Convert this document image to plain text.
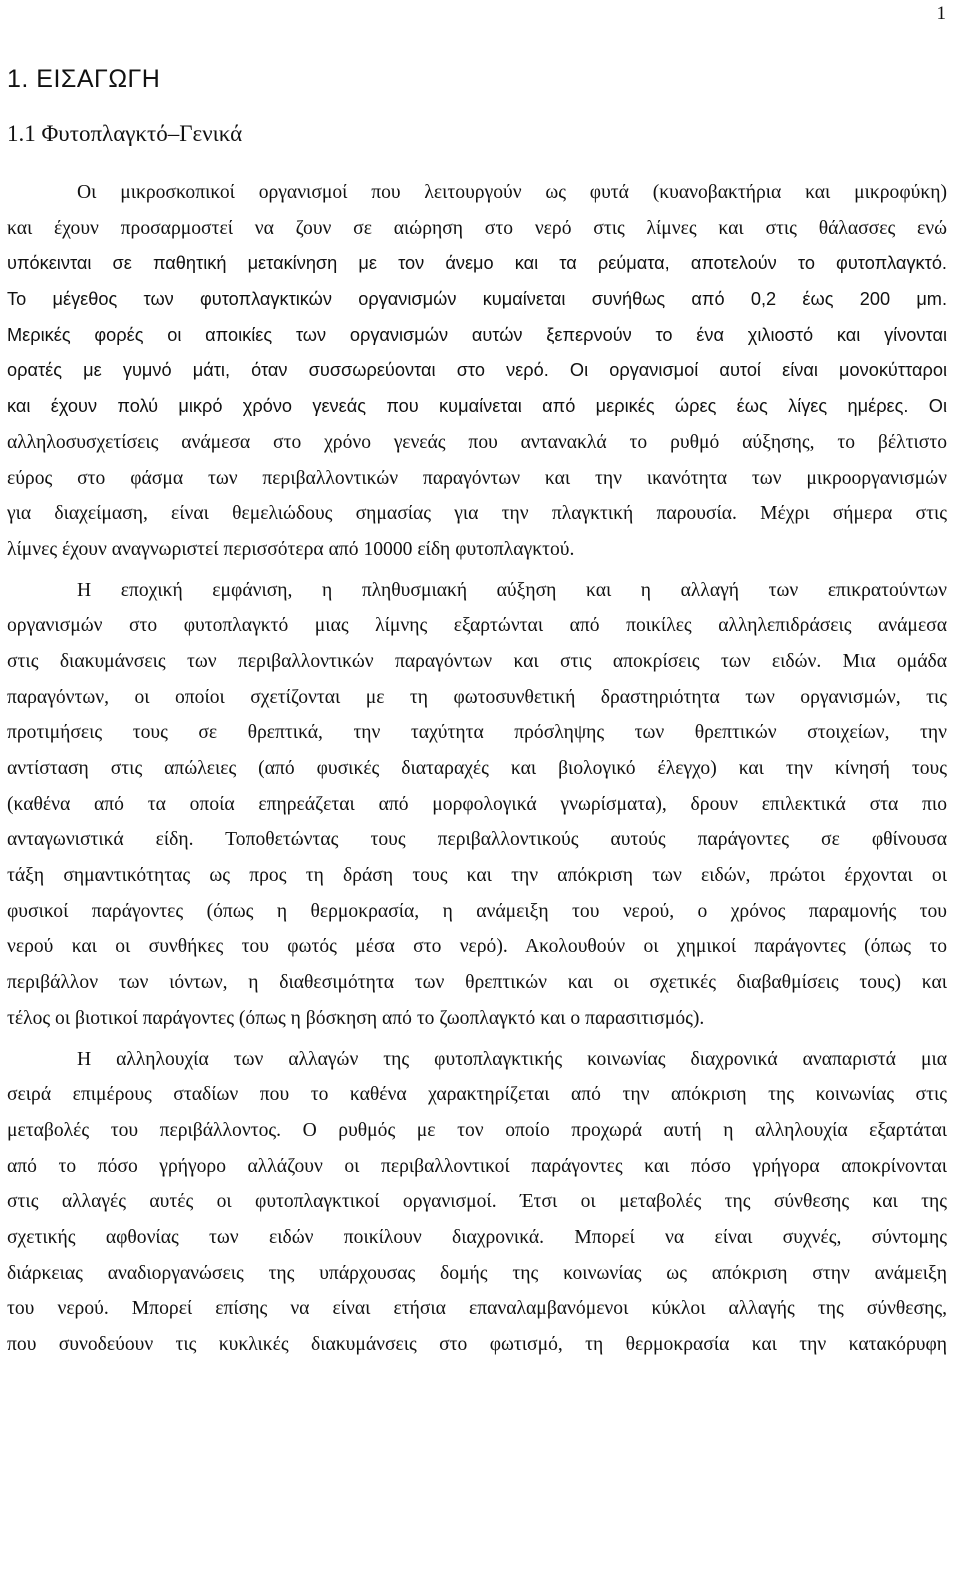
1
1. ΕΙΣΑΓΩΓΗ
1.1 Φυτοπλαγκτό–Γενικά

Οι μικροσκοπικοί οργανισμοί που λειτουργούν ως φυτά (κυανοβακτήρια και μικροφύκη)
και έχουν προσαρμοστεί να ζουν σε αιώρηση στο νερό στις λίμνες και στις θάλασσες ενώ
υπόκεινται σε παθητική μετακίνηση με τον άνεμο και τα ρεύματα, αποτελούν το φυτοπλαγκτό.
Το μέγεθος των φυτοπλαγκτικών οργανισμών κυμαίνεται συνήθως από 0,2 έως 200 μm.
Μερικές φορές οι αποικίες των οργανισμών αυτών ξεπερνούν το ένα χιλιοστό και γίνονται
ορατές με γυμνό μάτι, όταν συσσωρεύονται στο νερό. Οι οργανισμοί αυτοί είναι μονοκύτταροι
και έχουν πολύ μικρό χρόνο γενεάς που κυμαίνεται από μερικές ώρες έως λίγες ημέρες. Οι
αλληλοσυσχετίσεις ανάμεσα στο χρόνο γενεάς που αντανακλά το ρυθμό αύξησης, το βέλτιστο
εύρος στο φάσμα των περιβαλλοντικών παραγόντων και την ικανότητα των μικροοργανισμών
για διαχείμαση, είναι θεμελιώδους σημασίας για την πλαγκτική παρουσία. Μέχρι σήμερα στις
λίμνες έχουν αναγνωριστεί περισσότερα από 10000 είδη φυτοπλαγκτού.

Η εποχική εμφάνιση, η πληθυσμιακή αύξηση και η αλλαγή των επικρατούντων
οργανισμών στο φυτοπλαγκτό μιας λίμνης εξαρτώνται από ποικίλες αλληλεπιδράσεις ανάμεσα
στις διακυμάνσεις των περιβαλλοντικών παραγόντων και στις αποκρίσεις των ειδών. Μια ομάδα
παραγόντων, οι οποίοι σχετίζονται με τη φωτοσυνθετική δραστηριότητα των οργανισμών, τις
προτιμήσεις τους σε θρεπτικά, την ταχύτητα πρόσληψης των θρεπτικών στοιχείων, την
αντίσταση στις απώλειες (από φυσικές διαταραχές και βιολογικό έλεγχο) και την κίνησή τους
(καθένα από τα οποία επηρεάζεται από μορφολογικά γνωρίσματα), δρουν επιλεκτικά στα πιο
ανταγωνιστικά είδη. Τοποθετώντας τους περιβαλλοντικούς αυτούς παράγοντες σε φθίνουσα
τάξη σημαντικότητας ως προς τη δράση τους και την απόκριση των ειδών, πρώτοι έρχονται οι
φυσικοί παράγοντες (όπως η θερμοκρασία, η ανάμειξη του νερού, ο χρόνος παραμονής του
νερού και οι συνθήκες του φωτός μέσα στο νερό). Ακολουθούν οι χημικοί παράγοντες (όπως το
περιβάλλον των ιόντων, η διαθεσιμότητα των θρεπτικών και οι σχετικές διαβαθμίσεις τους) και
τέλος οι βιοτικοί παράγοντες (όπως η βόσκηση από το ζωοπλαγκτό και ο παρασιτισμός).

Η αλληλουχία των αλλαγών της φυτοπλαγκτικής κοινωνίας διαχρονικά αναπαριστά μια
σειρά επιμέρους σταδίων που το καθένα χαρακτηρίζεται από την απόκριση της κοινωνίας στις
μεταβολές του περιβάλλοντος. Ο ρυθμός με τον οποίο προχωρά αυτή η αλληλουχία εξαρτάται
από το πόσο γρήγορο αλλάζουν οι περιβαλλοντικοί παράγοντες και πόσο γρήγορα αποκρίνονται
στις αλλαγές αυτές οι φυτοπλαγκτικοί οργανισμοί. Έτσι οι μεταβολές της σύνθεσης και της
σχετικής αφθονίας των ειδών ποικίλουν διαχρονικά. Μπορεί να είναι συχνές, σύντομης
διάρκειας αναδιοργανώσεις της υπάρχουσας δομής της κοινωνίας ως απόκριση στην ανάμειξη
του νερού. Μπορεί επίσης να είναι ετήσια επαναλαμβανόμενοι κύκλοι αλλαγής της σύνθεσης,
που συνοδεύουν τις κυκλικές διακυμάνσεις στο φωτισμό, τη θερμοκρασία και την κατακόρυφη
